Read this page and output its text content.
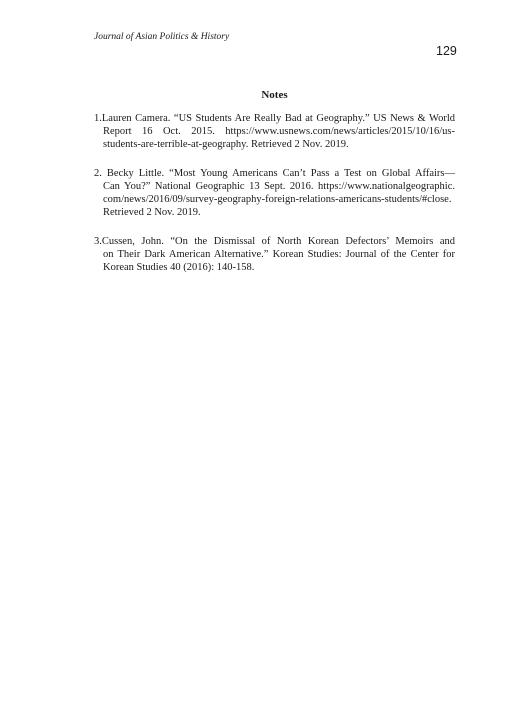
Journal of Asian Politics & History
129
Notes
1.Lauren Camera. “US Students Are Really Bad at Geography.” US News & World
Report 16 Oct. 2015. https://www.usnews.com/news/articles/2015/10/16/us-
students-are-terrible-at-geography. Retrieved 2 Nov. 2019.
2. Becky Little. “Most Young Americans Can’t Pass a Test on Global Affairs—
Can You?” National Geographic 13 Sept. 2016. https://www.nationalgeographic.
com/news/2016/09/survey-geography-foreign-relations-americans-students/#close.
Retrieved 2 Nov. 2019.
3.Cussen, John. “On the Dismissal of North Korean Defectors’ Memoirs and
on Their Dark American Alternative.” Korean Studies: Journal of the Center for
Korean Studies 40 (2016): 140-158.
